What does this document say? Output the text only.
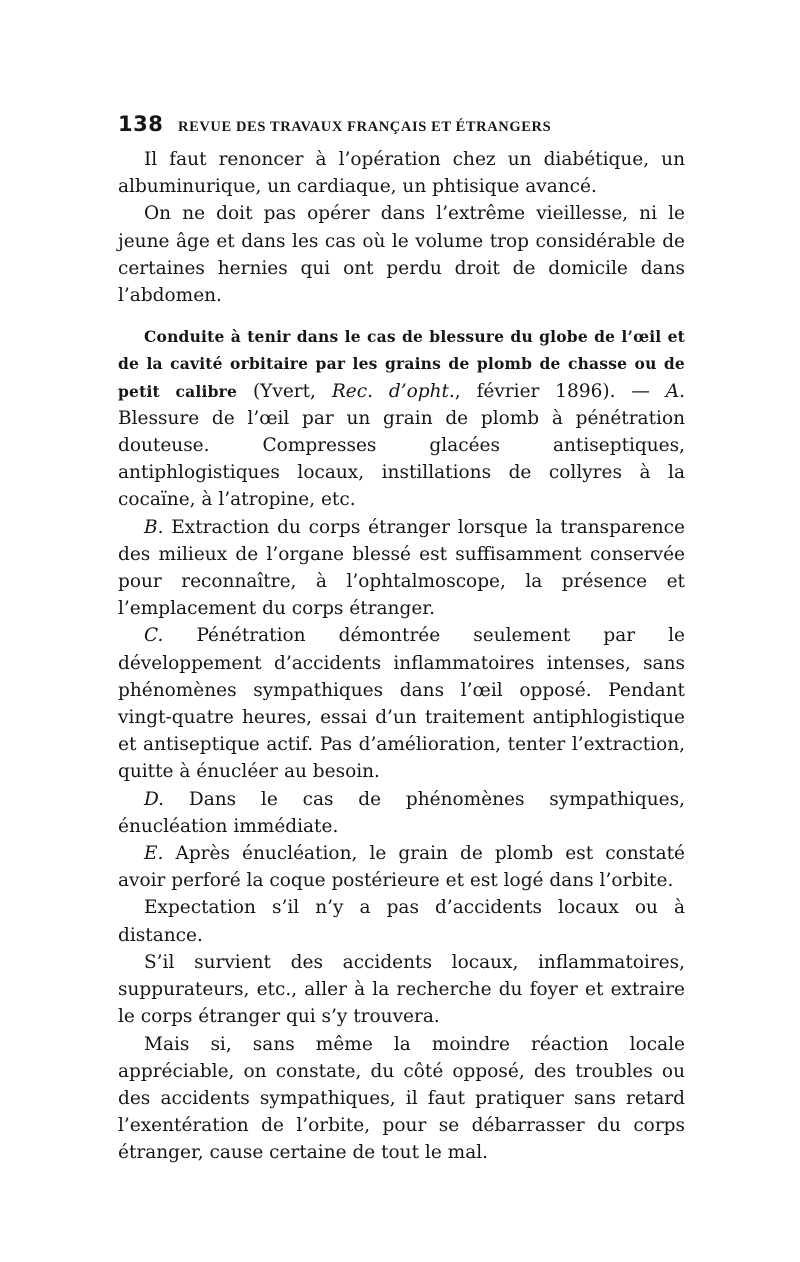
138	REVUE DES TRAVAUX FRANÇAIS ET ÉTRANGERS

Il faut renoncer à l’opération chez un diabétique, un albuminurique, un cardiaque, un phtisique avancé.

On ne doit pas opérer dans l’extrême vieillesse, ni le jeune âge et dans les cas où le volume trop considérable de certaines hernies qui ont perdu droit de domicile dans l’abdomen.

Conduite à tenir dans le cas de blessure du globe de l’œil et de la cavité orbitaire par les grains de plomb de chasse ou de petit calibre (Yvert, Rec. d’opht., février 1896). — A. Blessure de l’œil par un grain de plomb à pénétration douteuse. Compresses glacées antiseptiques, antiphlogistiques locaux, instillations de collyres à la cocaïne, à l’atropine, etc.

B. Extraction du corps étranger lorsque la transparence des milieux de l’organe blessé est suffisamment conservée pour reconnaître, à l’ophtalmoscope, la présence et l’emplacement du corps étranger.

C. Pénétration démontrée seulement par le développement d’accidents inflammatoires intenses, sans phénomènes sympathiques dans l’œil opposé. Pendant vingt-quatre heures, essai d’un traitement antiphlogistique et antiseptique actif. Pas d’amélioration, tenter l’extraction, quitte à énucléer au besoin.

D. Dans le cas de phénomènes sympathiques, énucléation immédiate.

E. Après énucléation, le grain de plomb est constaté avoir perforé la coque postérieure et est logé dans l’orbite.

Expectation s’il n’y a pas d’accidents locaux ou à distance.

S’il survient des accidents locaux, inflammatoires, suppurateurs, etc., aller à la recherche du foyer et extraire le corps étranger qui s’y trouvera.

Mais si, sans même la moindre réaction locale appréciable, on constate, du côté opposé, des troubles ou des accidents sympathiques, il faut pratiquer sans retard l’exentération de l’orbite, pour se débarrasser du corps étranger, cause certaine de tout le mal.
